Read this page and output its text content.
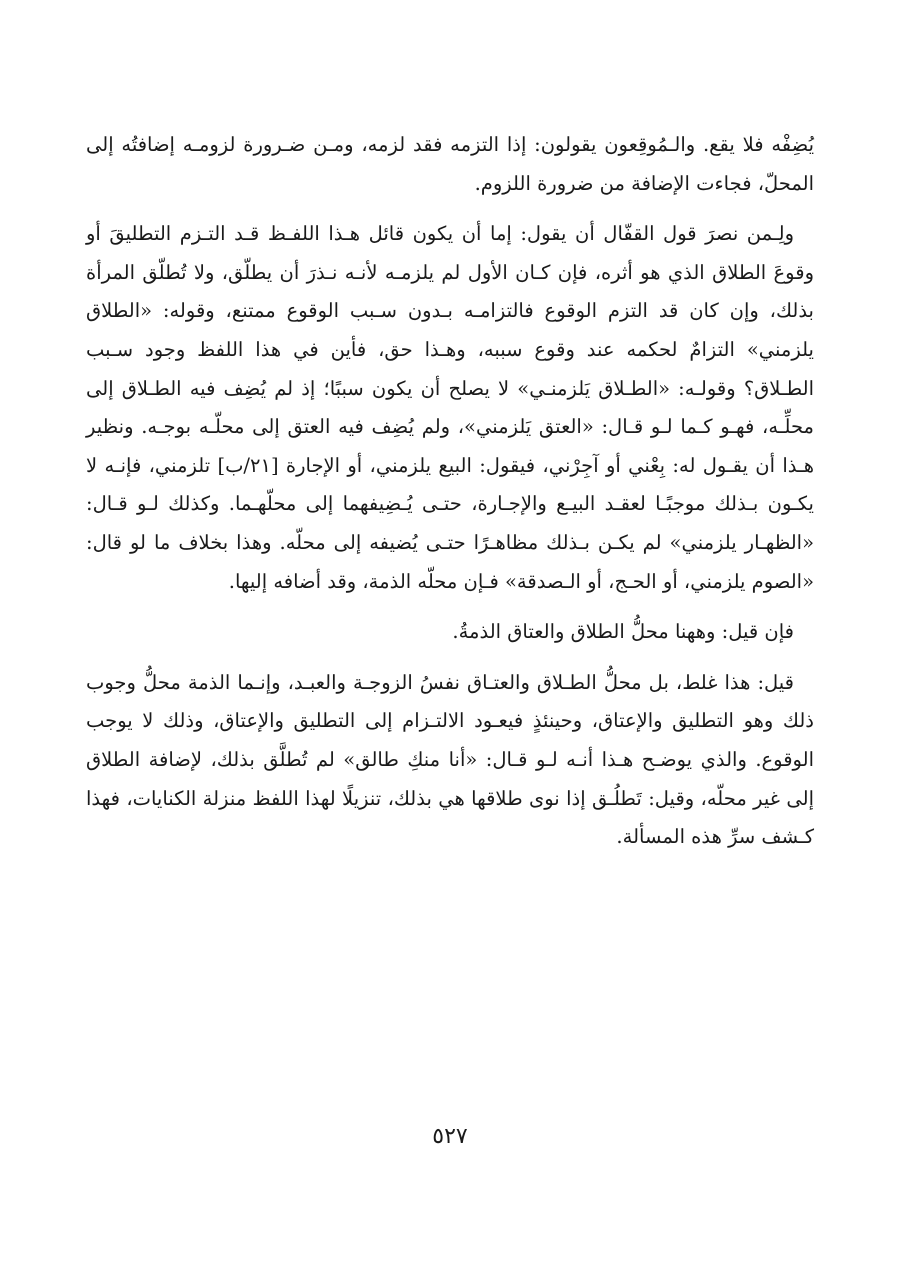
يُضِفْه فلا يقع. والـمُوقِعون يقولون: إذا التزمه فقد لزمه، ومـن ضـرورة لزومـه إضافتُه إلى المحلّ، فجاءت الإضافة من ضرورة اللزوم.

ولِـمن نصرَ قول القفّال أن يقول: إما أن يكون قائل هـذا اللفـظ قـد التـزم التطليقَ أو وقوعَ الطلاق الذي هو أثره، فإن كـان الأول لم يلزمـه لأنـه نـذرَ أن يطلّق، ولا تُطلّق المرأة بذلك، وإن كان قد التزم الوقوع فالتزامـه بـدون سـبب الوقوع ممتنع، وقوله: «الطلاق يلزمني» التزامٌ لحكمه عند وقوع سببه، وهـذا حق، فأين في هذا اللفظ وجود سـبب الطـلاق؟ وقولـه: «الطـلاق يَلزمنـي» لا يصلح أن يكون سببًا؛ إذ لم يُضِف فيه الطـلاق إلى محلِّـه، فهـو كـما لـو قـال: «العتق يَلزمني»، ولم يُضِف فيه العتق إلى محلّـه بوجـه. ونظير هـذا أن يقـول له: بِعْني أو آجِرْني، فيقول: البيع يلزمني، أو الإجارة [٢١/ب] تلزمني، فإنـه لا يكـون بـذلك موجبًـا لعقـد البيـع والإجـارة، حتـى يُـضِيفهما إلى محلّهـما. وكذلك لـو قـال: «الظهـار يلزمني» لم يكـن بـذلك مظاهـرًا حتـى يُضيفه إلى محلّه. وهذا بخلاف ما لو قال: «الصوم يلزمني، أو الحـج، أو الـصدقة» فـإن محلّه الذمة، وقد أضافه إليها.

فإن قيل: وههنا محلُّ الطلاق والعتاق الذمةُ.

قيل: هذا غلط، بل محلُّ الطـلاق والعتـاق نفسُ الزوجـة والعبـد، وإنـما الذمة محلُّ وجوب ذلك وهو التطليق والإعتاق، وحينئذٍ فيعـود الالتـزام إلى التطليق والإعتاق، وذلك لا يوجب الوقوع. والذي يوضـح هـذا أنـه لـو قـال: «أنا منكِ طالق» لم تُطلَّق بذلك، لإضافة الطلاق إلى غير محلّه، وقيل: تَطلُـق إذا نوى طلاقها هي بذلك، تنزيلًا لهذا اللفظ منزلة الكنايات، فهذا كـشف سرِّ هذه المسألة.

٥٢٧
